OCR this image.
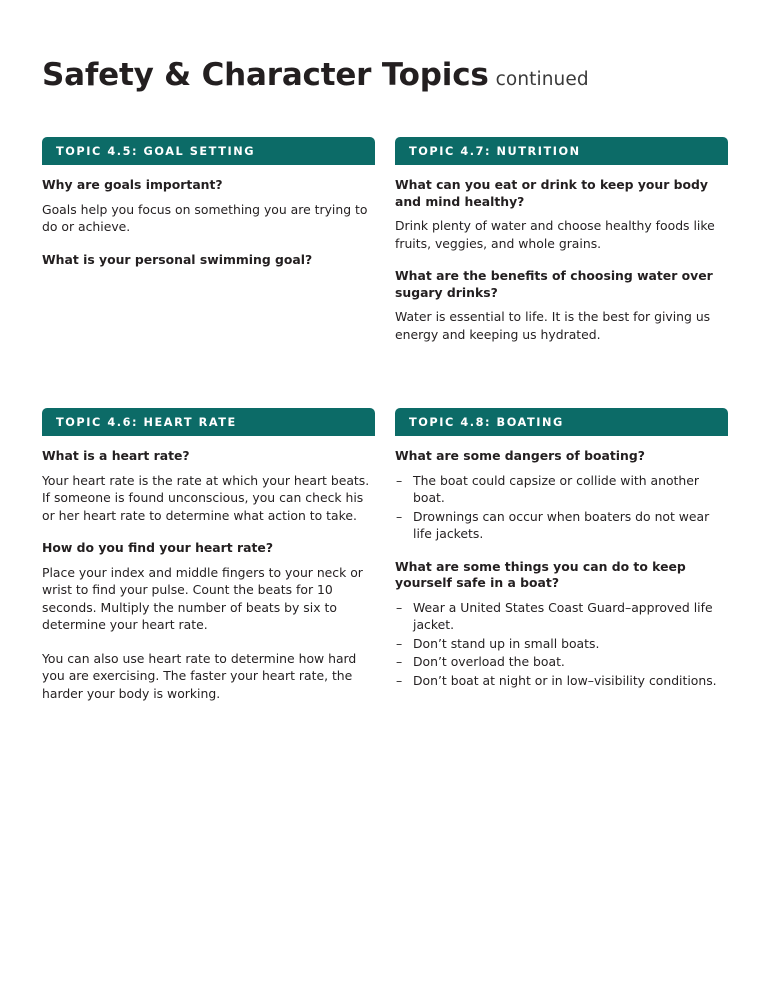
Safety & Character Topics continued
TOPIC 4.5: GOAL SETTING

Why are goals important?

Goals help you focus on something you are trying to do or achieve.

What is your personal swimming goal?

TOPIC 4.7: NUTRITION

What can you eat or drink to keep your body and mind healthy?

Drink plenty of water and choose healthy foods like fruits, veggies, and whole grains.

What are the benefits of choosing water over sugary drinks?

Water is essential to life. It is the best for giving us energy and keeping us hydrated.

TOPIC 4.6: HEART RATE

What is a heart rate?

Your heart rate is the rate at which your heart beats. If someone is found unconscious, you can check his or her heart rate to determine what action to take.

How do you find your heart rate?

Place your index and middle fingers to your neck or wrist to find your pulse. Count the beats for 10 seconds. Multiply the number of beats by six to determine your heart rate.

You can also use heart rate to determine how hard you are exercising. The faster your heart rate, the harder your body is working.

TOPIC 4.8: BOATING

What are some dangers of boating?

– The boat could capsize or collide with another boat.
– Drownings can occur when boaters do not wear life jackets.

What are some things you can do to keep yourself safe in a boat?

– Wear a United States Coast Guard–approved life jacket.
– Don’t stand up in small boats.
– Don’t overload the boat.
– Don’t boat at night or in low–visibility conditions.
